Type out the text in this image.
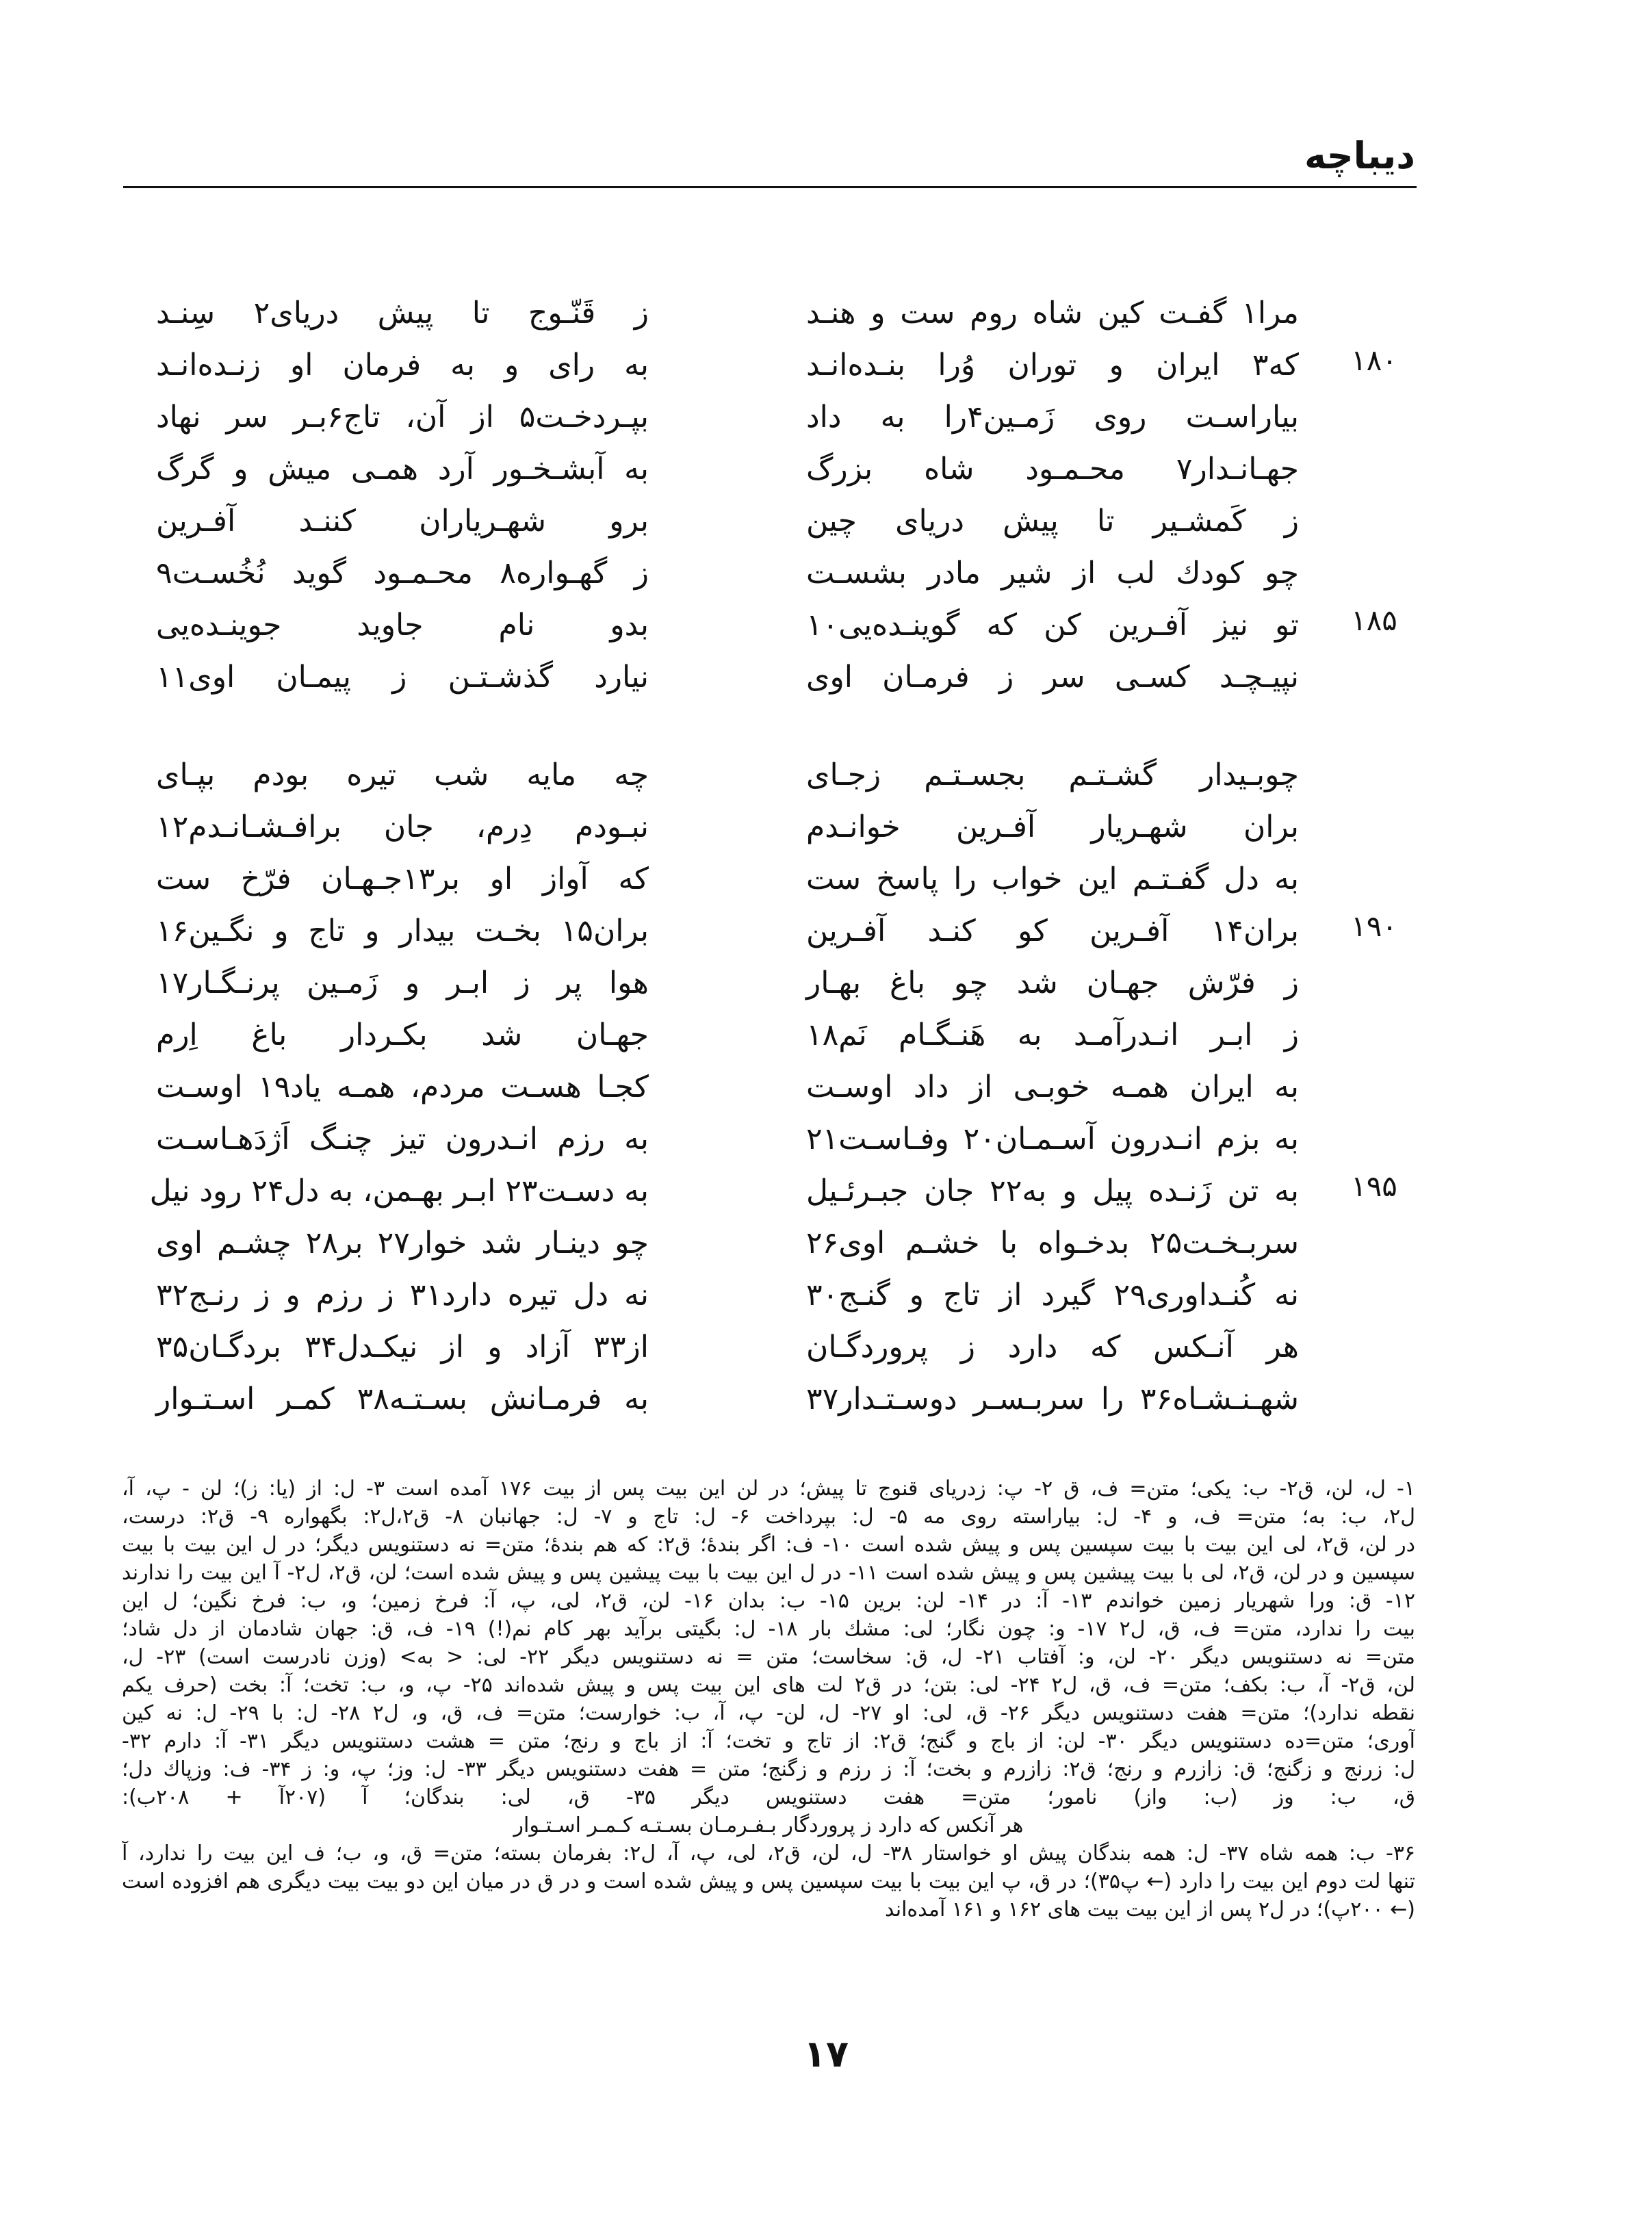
دیباچه
مرا۱ گفـت کین شاه روم ست و هنـد
ز قَنّـوج تا پیش دریای۲ سِنـد
۱۸۰
که۳ ایران و توران وُرا بنـده‌انـد
به رای و به فرمان او زنـده‌انـد
بیاراسـت روی زَمـین۴را به داد
بپـردخـت۵ از آن، تاج۶بـر سر نهاد
جهـانـدار۷ محـمـود شاه بزرگ
به آبشـخـور آرد همـی میش و گرگ
ز کَمشـیر تا پیش دریای چین
برو شهـریاران کننـد آفـرین
چو کودك لب از شیر مادر بشسـت
ز گهـواره۸ محـمـود گوید نُخُسـت۹
۱۸۵
تو نیز آفـرین کن که گوینـده‌یی۱۰
بدو نام جاوید جوینـده‌یی
نپیـچـد کسـی سر ز فرمـان اوی
نیارد گذشـتـن ز پیمـان اوی۱۱
چوبـیدار گشـتـم بجسـتـم زجـای
چه مایه شب تیره بودم بپـای
بران شهـریار آفـرین خوانـدم
نبـودم دِرم، جان برافـشـانـدم۱۲
به دل گفـتـم این خواب را پاسخ ست
که آواز او بر۱۳جـهـان فرّخ ست
۱۹۰
بران۱۴ آفـرین کو کنـد آفـرین
بران۱۵ بخـت بیدار و تاج و نگـین۱۶
ز فرّش جهـان شد چو باغ بهـار
هوا پر ز ابـر و زَمـین پرنـگـار۱۷
ز ابـر انـدرآمـد به هَنـگـام نَم۱۸
جهـان شد بکـردار باغ اِرم
به ایران همـه خوبـی از داد اوسـت
کجـا هسـت مردم، همـه یاد۱۹ اوسـت
به بزم انـدرون آسـمـان۲۰ وفـاسـت۲۱
به رزم انـدرون تیز چنـگ اَژدَهـاسـت
۱۹۵
به تن زَنـده پیل و به۲۲ جان جبـرئـیل
به دسـت۲۳ ابـر بهـمن، به دل۲۴ رود نیل
سربـخـت۲۵ بدخـواه با خشـم اوی۲۶
چو دینـار شد خوار۲۷ بر۲۸ چشـم اوی
نه کُنـداوری۲۹ گیرد از تاج و گنـج۳۰
نه دل تیره دارد۳۱ ز رزم و ز رنـج۳۲
هر آنـکس که دارد ز پروردگـان
از۳۳ آزاد و از نیکـدل۳۴ بردگـان۳۵
شهـنـشـاه۳۶ را سربـسـر دوسـتـدار۳۷
به فرمـانش بسـتـه۳۸ کمـر اسـتـوار
۱- ل، لن، ق۲- ب: یکی؛ متن= ف، ق ۲- پ: زدریای قنوج تا پیش؛ در لن این بیت پس از بیت ۱۷۶ آمده است ۳- ل: از (یا: ز)؛ لن - پ، آ،
ل۲، ب: به؛ متن= ف، و ۴- ل: بیاراسته روی مه ۵- ل: بپرداخت ۶- ل: تاج و ۷- ل: جهانبان ۸- ق۲،ل۲: بگهواره ۹- ق۲: درست،
در لن، ق۲، لی این بیت با بیت سپسین پس و پیش شده است ۱۰- ف: اگر بندهٔ؛ ق۲: که هم بندهٔ؛ متن= نه دستنویس دیگر؛ در ل این بیت با بیت
سپسین و در لن، ق۲، لی با بیت پیشین پس و پیش شده است ۱۱- در ل این بیت با بیت پیشین پس و پیش شده است؛ لن، ق۲، ل۲- آ این بیت را ندارند
۱۲- ق: ورا شهریار زمین خواندم ۱۳- آ: در ۱۴- لن: برین ۱۵- ب: بدان ۱۶- لن، ق۲، لی، پ، آ: فرخ زمین؛ و، ب: فرخ نگین؛ ل این
بیت را ندارد، متن= ف، ق، ل۲ ۱۷- و: چون نگار؛ لی: مشك بار ۱۸- ل: بگیتی برآید بهر کام نم(!) ۱۹- ف، ق: جهان شادمان از دل شاد؛
متن= نه دستنویس دیگر ۲۰- لن، و: آفتاب ۲۱- ل، ق: سخاست؛ متن = نه دستنویس دیگر ۲۲- لی: < به> (وزن نادرست است) ۲۳- ل،
لن، ق۲- آ، ب: بکف؛ متن= ف، ق، ل۲ ۲۴- لی: بتن؛ در ق۲ لت های این بیت پس و پیش شده‌اند ۲۵- پ، و، ب: تخت؛ آ: بخت (حرف یکم
نقطه ندارد)؛ متن= هفت دستنویس دیگر ۲۶- ق، لی: او ۲۷- ل، لن- پ، آ، ب: خوارست؛ متن= ف، ق، و، ل۲ ۲۸- ل: با ۲۹- ل: نه کین
آوری؛ متن=ده دستنویس دیگر ۳۰- لن: از باج و گنج؛ ق۲: از تاج و تخت؛ آ: از باج و رنج؛ متن = هشت دستنویس دیگر ۳۱- آ: دارم ۳۲-
ل: زرنج و زگنج؛ ق: زازرم و رنج؛ ق۲: زازرم و بخت؛ آ: ز رزم و زگنج؛ متن = هفت دستنویس دیگر ۳۳- ل: وز؛ پ، و: ز ۳۴- ف: وزپاك دل؛
ق، ب: وز (ب: واز) نامور؛ متن= هفت دستنویس دیگر ۳۵- ق، لی: بندگان؛ آ (۲۰۷آ + ۲۰۸ب):
هر آنکس که دارد ز پروردگار بـفـرمـان بسـتـه کـمـر اسـتـوار
۳۶- ب: همه شاه ۳۷- ل: همه بندگان پیش او خواستار ۳۸- ل، لن، ق۲، لی، پ، آ، ل۲: بفرمان بسته؛ متن= ق، و، ب؛ ف این بیت را ندارد، آ
تنها لت دوم این بیت را دارد (← پ۳۵)؛ در ق، پ این بیت با بیت سپسین پس و پیش شده است و در ق در میان این دو بیت بیت دیگری هم افزوده است
(← ۲۰۰پ)؛ در ل۲ پس از این بیت بیت های ۱۶۲ و ۱۶۱ آمده‌اند
۱۷
